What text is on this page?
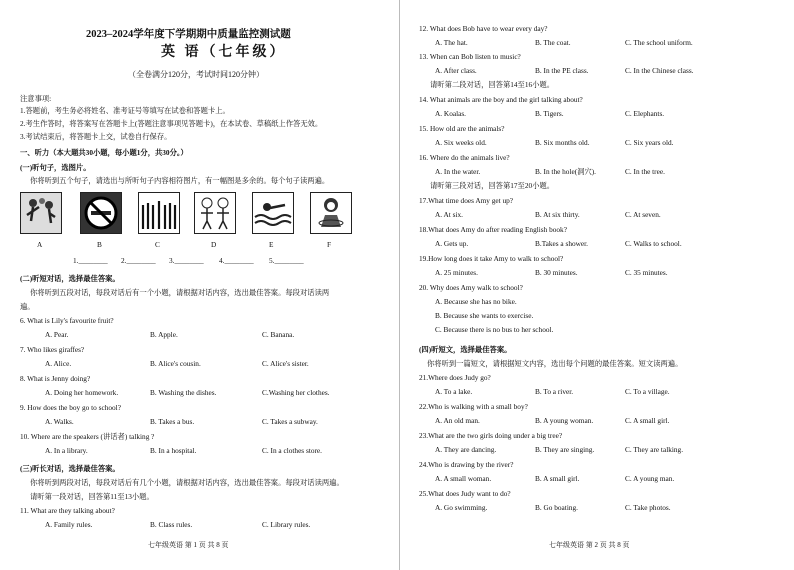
2023–2024学年度下学期期中质量监控测试题
英 语（七年级）
（全卷满分120分，考试时间120分钟）
注意事项:
1.答题前，考生务必将姓名、准考证号等填写在试卷和答题卡上。
2.考生作答时，将答案写在答题卡上(答题注意事项见答题卡)，在本试卷、草稿纸上作答无效。
3.考试结束后，将答题卡上交，试卷自行保存。
一、听力（本大题共30小题，每小题1分，共30分。）
(一)听句子，选图片。
你将听到五个句子，请选出与所听句子内容相符图片，有一幅图是多余的。每个句子读两遍。
A	B	C	D	E	F
1.________ 2.________ 3.________ 4.________ 5.________
(二)听短对话，选择最佳答案。
你将听到五段对话，每段对话后有一个小题，请根据对话内容，选出最佳答案。每段对话读两
遍。
6. What is Lily's favourite fruit?
A. Pear.	B. Apple.	C. Banana.
7. Who likes giraffes?
A. Alice.	B. Alice's cousin.	C. Alice's sister.
8. What is Jenny doing?
A. Doing her homework.	B. Washing the dishes.	C.Washing her clothes.
9. How does the boy go to school?
A. Walks.	B. Takes a bus.	C. Takes a subway.
10. Where are the speakers (讲话者) talking ?
A. In a library.	B. In a hospital.	C. In a clothes store.
(三)听长对话，选择最佳答案。
你将听到两段对话，每段对话后有几个小题，请根据对话内容，选出最佳答案。每段对话读两遍。
请听第一段对话，回答第11至13小题。
11. What are they talking about?
A. Family rules.	B. Class rules.	C. Library rules.
七年级英语 第 1 页 共 8 页
12. What does Bob have to wear every day?
A. The hat.	B. The coat.	C. The school uniform.
13. When can Bob listen to music?
A. After class.	B. In the PE class.	C. In the Chinese class.
14. What animals are the boy and the girl talking about?
A. Koalas.	B. Tigers.	C. Elephants.
15. How old are the animals?
A. Six weeks old.	B. Six months old.	C. Six years old.
16. Where do the animals live?
A. In the water.	B. In the hole(洞穴).	C. In the tree.
17.What time does Amy get up?
A. At six.	B. At six thirty.	C. At seven.
18.What does Amy do after reading English book?
A. Gets up.	B.Takes a shower.	C. Walks to school.
19.How long does it take Amy to walk to school?
A. 25 minutes.	B. 30 minutes.	C. 35 minutes.
20. Why does Amy walk to school?
A. Because she has no bike.
B. Because she wants to exercise.
C. Because there is no bus to her school.
21.Where does Judy go?
A. To a lake.	B. To a river.	C. To a village.
22.Who is walking with a small boy?
A. An old man.	B. A young woman.	C. A small girl.
23.What are the two girls doing under a big tree?
A. They are dancing.	B. They are singing.	C. They are talking.
24.Who is drawing by the river?
A. A small woman.	B. A small girl.	C. A young man.
25.What does Judy want to do?
A. Go swimming.	B. Go boating.	C. Take photos.
请听第二段对话，回答第14至16小题。
请听第三段对话，回答第17至20小题。
(四)听短文，选择最佳答案。
你将听到一篇短文，请根据短文内容，选出每个问题的最佳答案。短文读两遍。
七年级英语 第 2 页 共 8 页
